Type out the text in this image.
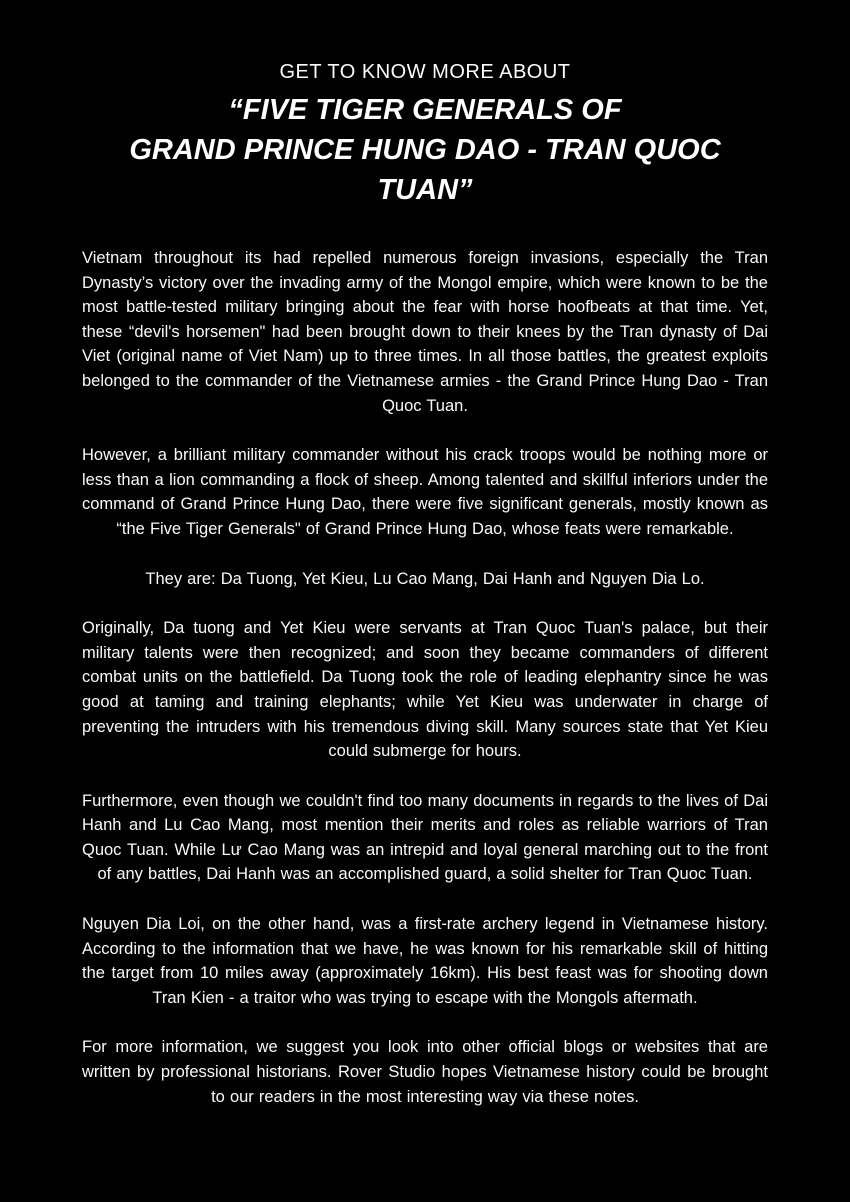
GET TO KNOW MORE ABOUT
“FIVE TIGER GENERALS OF
GRAND PRINCE HUNG DAO - TRAN QUOC TUAN”

Vietnam throughout its had repelled numerous foreign invasions, especially the Tran Dynasty’s victory over the invading army of the Mongol empire, which were known to be the most battle-tested military bringing about the fear with horse hoofbeats at that time. Yet, these “devil's horsemen" had been brought down to their knees by the Tran dynasty of Dai Viet (original name of Viet Nam) up to three times. In all those battles, the greatest exploits belonged to the commander of the Vietnamese armies - the Grand Prince Hung Dao - Tran Quoc Tuan.

However, a brilliant military commander without his crack troops would be nothing more or less than a lion commanding a flock of sheep. Among talented and skillful inferiors under the command of Grand Prince Hung Dao, there were five significant generals, mostly known as “the Five Tiger Generals" of Grand Prince Hung Dao, whose feats were remarkable.

They are: Da Tuong, Yet Kieu, Lu Cao Mang, Dai Hanh and Nguyen Dia Lo.

Originally, Da tuong and Yet Kieu were servants at Tran Quoc Tuan's palace, but their military talents were then recognized; and soon they became commanders of different combat units on the battlefield. Da Tuong took the role of leading elephantry since he was good at taming and training elephants; while Yet Kieu was underwater in charge of preventing the intruders with his tremendous diving skill. Many sources state that Yet Kieu could submerge for hours.

Furthermore, even though we couldn't find too many documents in regards to the lives of Dai Hanh and Lu Cao Mang, most mention their merits and roles as reliable warriors of Tran Quoc Tuan. While Lư Cao Mang was an intrepid and loyal general marching out to the front of any battles, Dai Hanh was an accomplished guard, a solid shelter for Tran Quoc Tuan.

Nguyen Dia Loi, on the other hand, was a first-rate archery legend in Vietnamese history. According to the information that we have, he was known for his remarkable skill of hitting the target from 10 miles away (approximately 16km). His best feast was for shooting down Tran Kien - a traitor who was trying to escape with the Mongols aftermath.

For more information, we suggest you look into other official blogs or websites that are written by professional historians. Rover Studio hopes Vietnamese history could be brought to our readers in the most interesting way via these notes.
